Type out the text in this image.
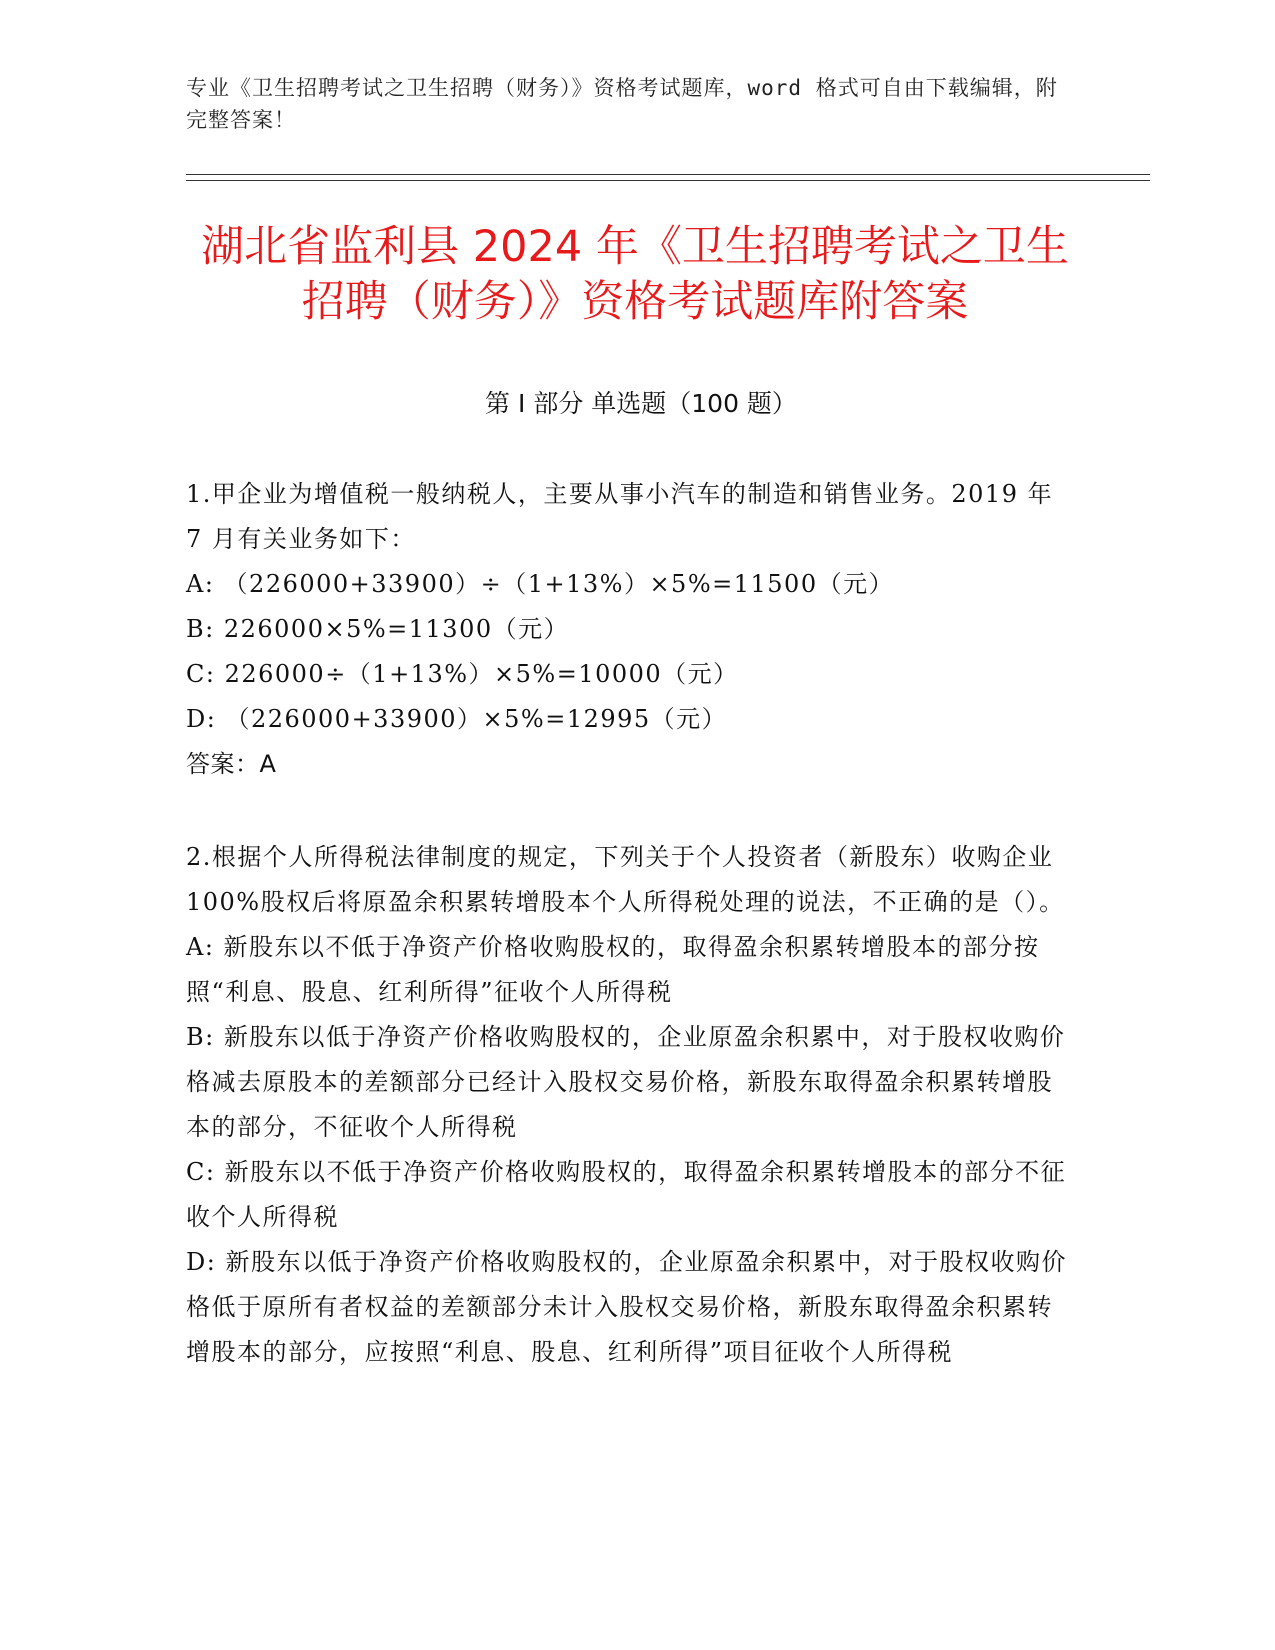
专业《卫生招聘考试之卫生招聘（财务）》资格考试题库，word 格式可自由下载编辑，附完整答案！
湖北省监利县 2024 年《卫生招聘考试之卫生招聘（财务）》资格考试题库附答案
第 I 部分 单选题（100 题）

1.甲企业为增值税一般纳税人，主要从事小汽车的制造和销售业务。2019 年 7 月有关业务如下：

A: （226000+33900）÷（1+13%）×5%=11500（元）

B: 226000×5%=11300（元）

C: 226000÷（1+13%）×5%=10000（元）

D: （226000+33900）×5%=12995（元）

答案：A

2.根据个人所得税法律制度的规定，下列关于个人投资者（新股东）收购企业 100%股权后将原盈余积累转增股本个人所得税处理的说法，不正确的是（）。

A: 新股东以不低于净资产价格收购股权的，取得盈余积累转增股本的部分按照“利息、股息、红利所得”征收个人所得税

B: 新股东以低于净资产价格收购股权的，企业原盈余积累中，对于股权收购价格减去原股本的差额部分已经计入股权交易价格，新股东取得盈余积累转增股本的部分，不征收个人所得税

C: 新股东以不低于净资产价格收购股权的，取得盈余积累转增股本的部分不征收个人所得税

D: 新股东以低于净资产价格收购股权的，企业原盈余积累中，对于股权收购价格低于原所有者权益的差额部分未计入股权交易价格，新股东取得盈余积累转增股本的部分，应按照“利息、股息、红利所得”项目征收个人所得税
